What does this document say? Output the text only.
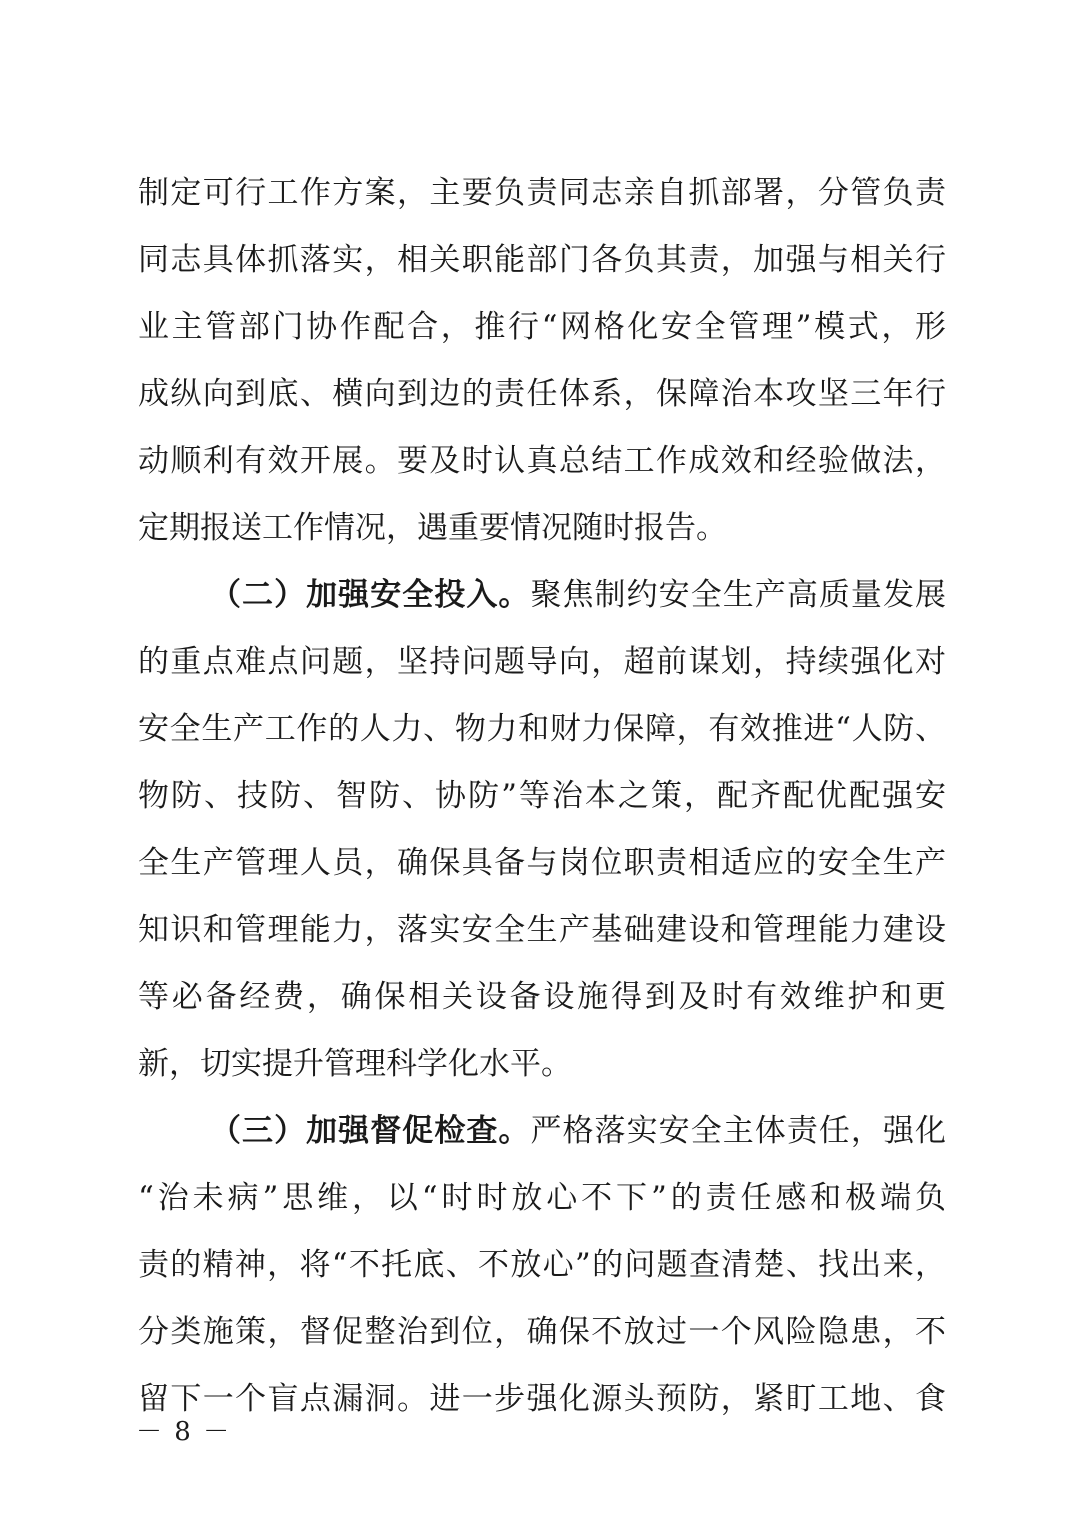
制定可行工作方案，主要负责同志亲自抓部署，分管负责
同志具体抓落实，相关职能部门各负其责，加强与相关行
业主管部门协作配合，推行“网格化安全管理”模式，形
成纵向到底、横向到边的责任体系，保障治本攻坚三年行
动顺利有效开展。要及时认真总结工作成效和经验做法，
定期报送工作情况，遇重要情况随时报告。
（二）加强安全投入。聚焦制约安全生产高质量发展
的重点难点问题，坚持问题导向，超前谋划，持续强化对
安全生产工作的人力、物力和财力保障，有效推进“人防、
物防、技防、智防、协防”等治本之策，配齐配优配强安
全生产管理人员，确保具备与岗位职责相适应的安全生产
知识和管理能力，落实安全生产基础建设和管理能力建设
等必备经费，确保相关设备设施得到及时有效维护和更
新，切实提升管理科学化水平。
（三）加强督促检查。严格落实安全主体责任，强化
“治未病”思维，以“时时放心不下”的责任感和极端负
责的精神，将“不托底、不放心”的问题查清楚、找出来，
分类施策，督促整治到位，确保不放过一个风险隐患，不
留下一个盲点漏洞。进一步强化源头预防，紧盯工地、食
－ 8 －
